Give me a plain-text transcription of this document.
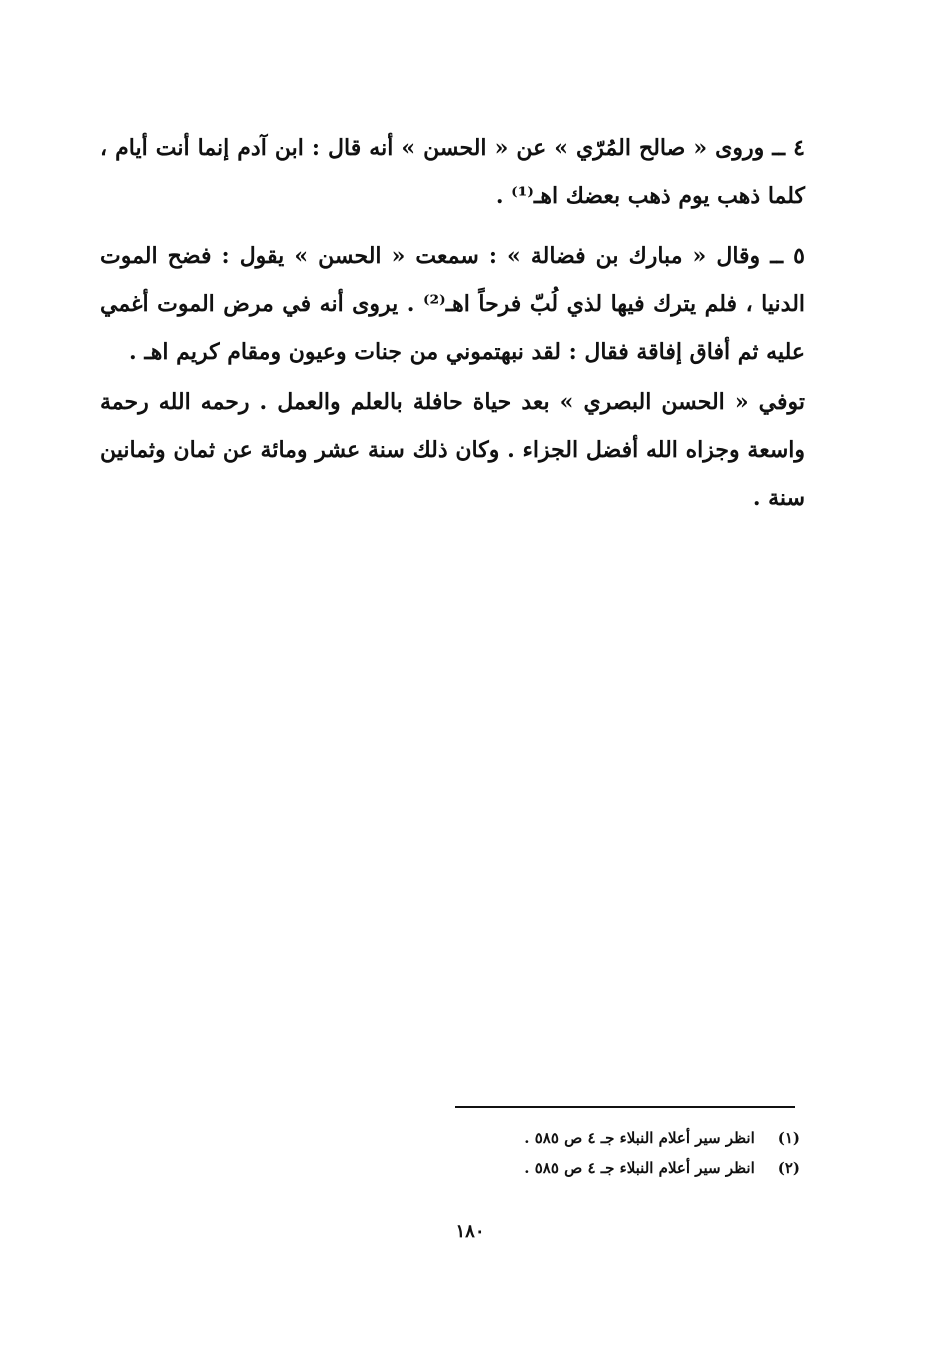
٤ ــ وروى « صالح المُرّي » عن « الحسن » أنه قال : ابن آدم إنما أنت أيام ، كلما ذهب يوم ذهب بعضك اهـ⁽¹⁾ .

٥ ــ وقال « مبارك بن فضالة » : سمعت « الحسن » يقول : فضح الموت الدنيا ، فلم يترك فيها لذي لُبّ فرحاً اهـ⁽²⁾ . يروى أنه في مرض الموت أغمي عليه ثم أفاق إفاقة فقال : لقد نبهتموني من جنات وعيون ومقام كريم اهـ .

توفي « الحسن البصري » بعد حياة حافلة بالعلم والعمل . رحمه الله رحمة واسعة وجزاه الله أفضل الجزاء . وكان ذلك سنة عشر ومائة عن ثمان وثمانين سنة .

(١) انظر سير أعلام النبلاء جـ ٤ ص ٥٨٥ .
(٢) انظر سير أعلام النبلاء جـ ٤ ص ٥٨٥ .
١٨٠
